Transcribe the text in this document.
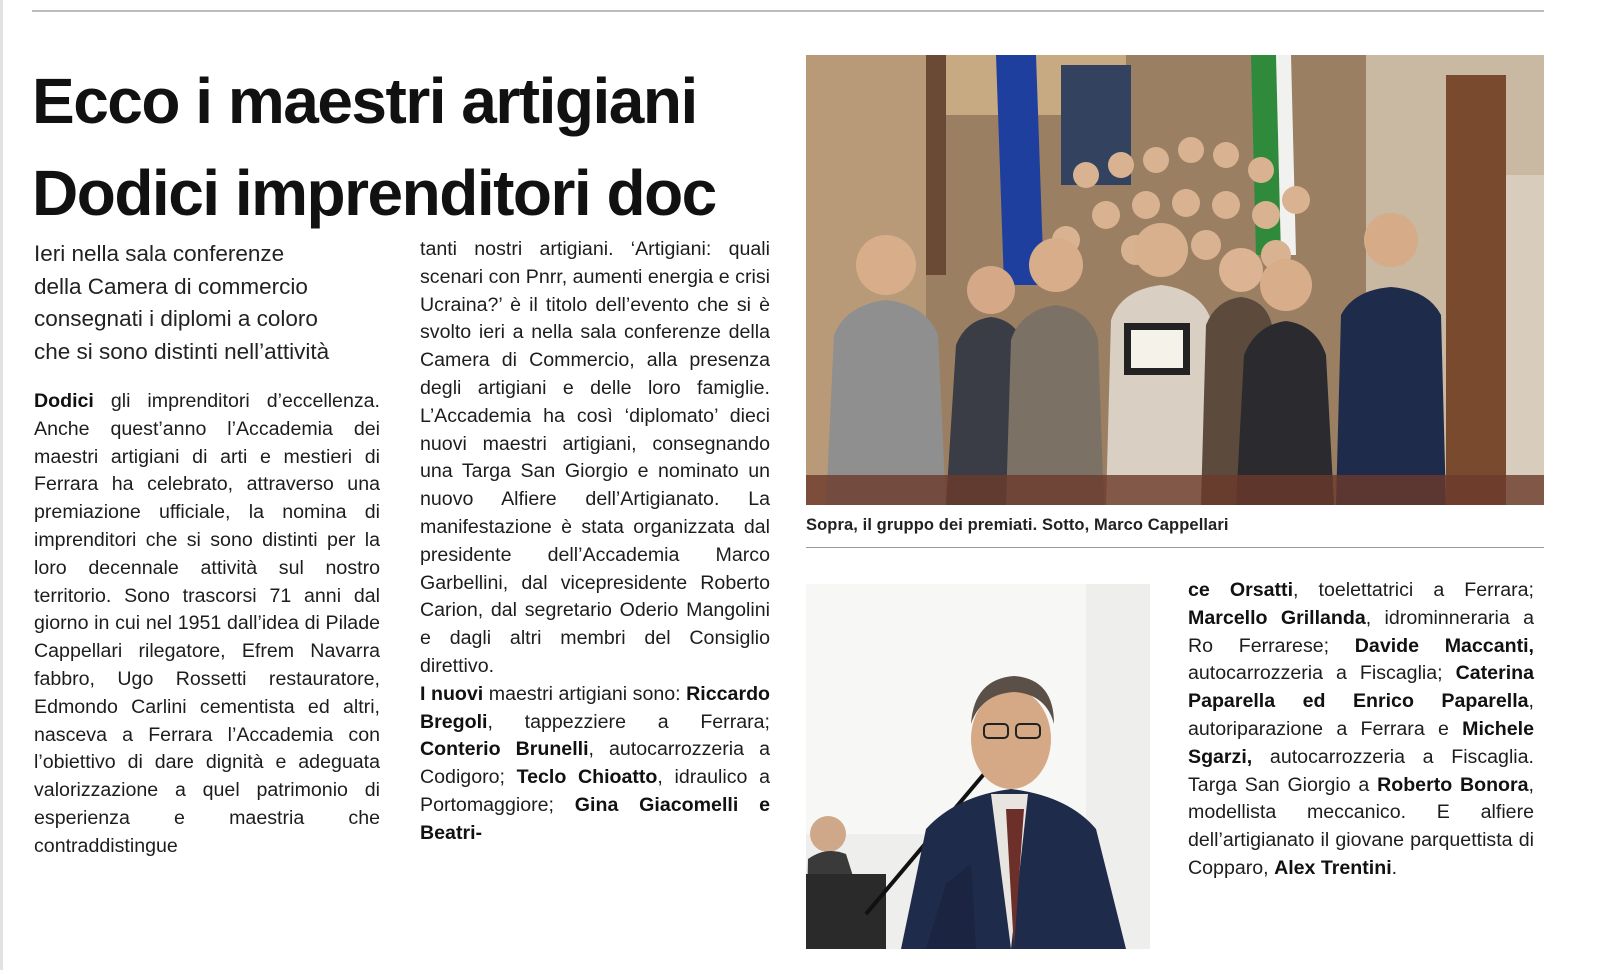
Ecco i maestri artigiani
Dodici imprenditori doc
Ieri nella sala conferenze
della Camera di commercio
consegnati i diplomi a coloro
che si sono distinti nell’attività

Dodici gli imprenditori d’eccellenza. Anche quest’anno l’Accademia dei maestri artigiani di arti e mestieri di Ferrara ha celebrato, attraverso una premiazione ufficiale, la nomina di imprenditori che si sono distinti per la loro decennale attività sul nostro territorio. Sono trascorsi 71 anni dal giorno in cui nel 1951 dall’idea di Pilade Cappellari rilegatore, Efrem Navarra fabbro, Ugo Rossetti restauratore, Edmondo Carlini cementista ed altri, nasceva a Ferrara l’Accademia con l’obiettivo di dare dignità e adeguata valorizzazione a quel patrimonio di esperienza e maestria che contraddistingue

tanti nostri artigiani. ‘Artigiani: quali scenari con Pnrr, aumenti energia e crisi Ucraina?’ è il titolo dell’evento che si è svolto ieri a nella sala conferenze della Camera di Commercio, alla presenza degli artigiani e delle loro famiglie. L’Accademia ha così ‘diplomato’ dieci nuovi maestri artigiani, consegnando una Targa San Giorgio e nominato un nuovo Alfiere dell’Artigianato. La manifestazione è stata organizzata dal presidente dell’Accademia Marco Garbellini, dal vicepresidente Roberto Carion, dal segretario Oderio Mangolini e dagli altri membri del Consiglio direttivo.

I nuovi maestri artigiani sono: Riccardo Bregoli, tappezziere a Ferrara; Conterio Brunelli, autocarrozzeria a Codigoro; Teclo Chioatto, idraulico a Portomaggiore; Gina Giacomelli e Beatri-

Sopra, il gruppo dei premiati. Sotto, Marco Cappellari

ce Orsatti, toelettatrici a Ferrara; Marcello Grillanda, idrominneraria a Ro Ferrarese; Davide Maccanti, autocarrozzeria a Fiscaglia; Caterina Paparella ed Enrico Paparella, autoriparazione a Ferrara e Michele Sgarzi, autocarrozzeria a Fiscaglia. Targa San Giorgio a Roberto Bonora, modellista meccanico. E alfiere dell’artigianato il giovane parquettista di Copparo, Alex Trentini.
